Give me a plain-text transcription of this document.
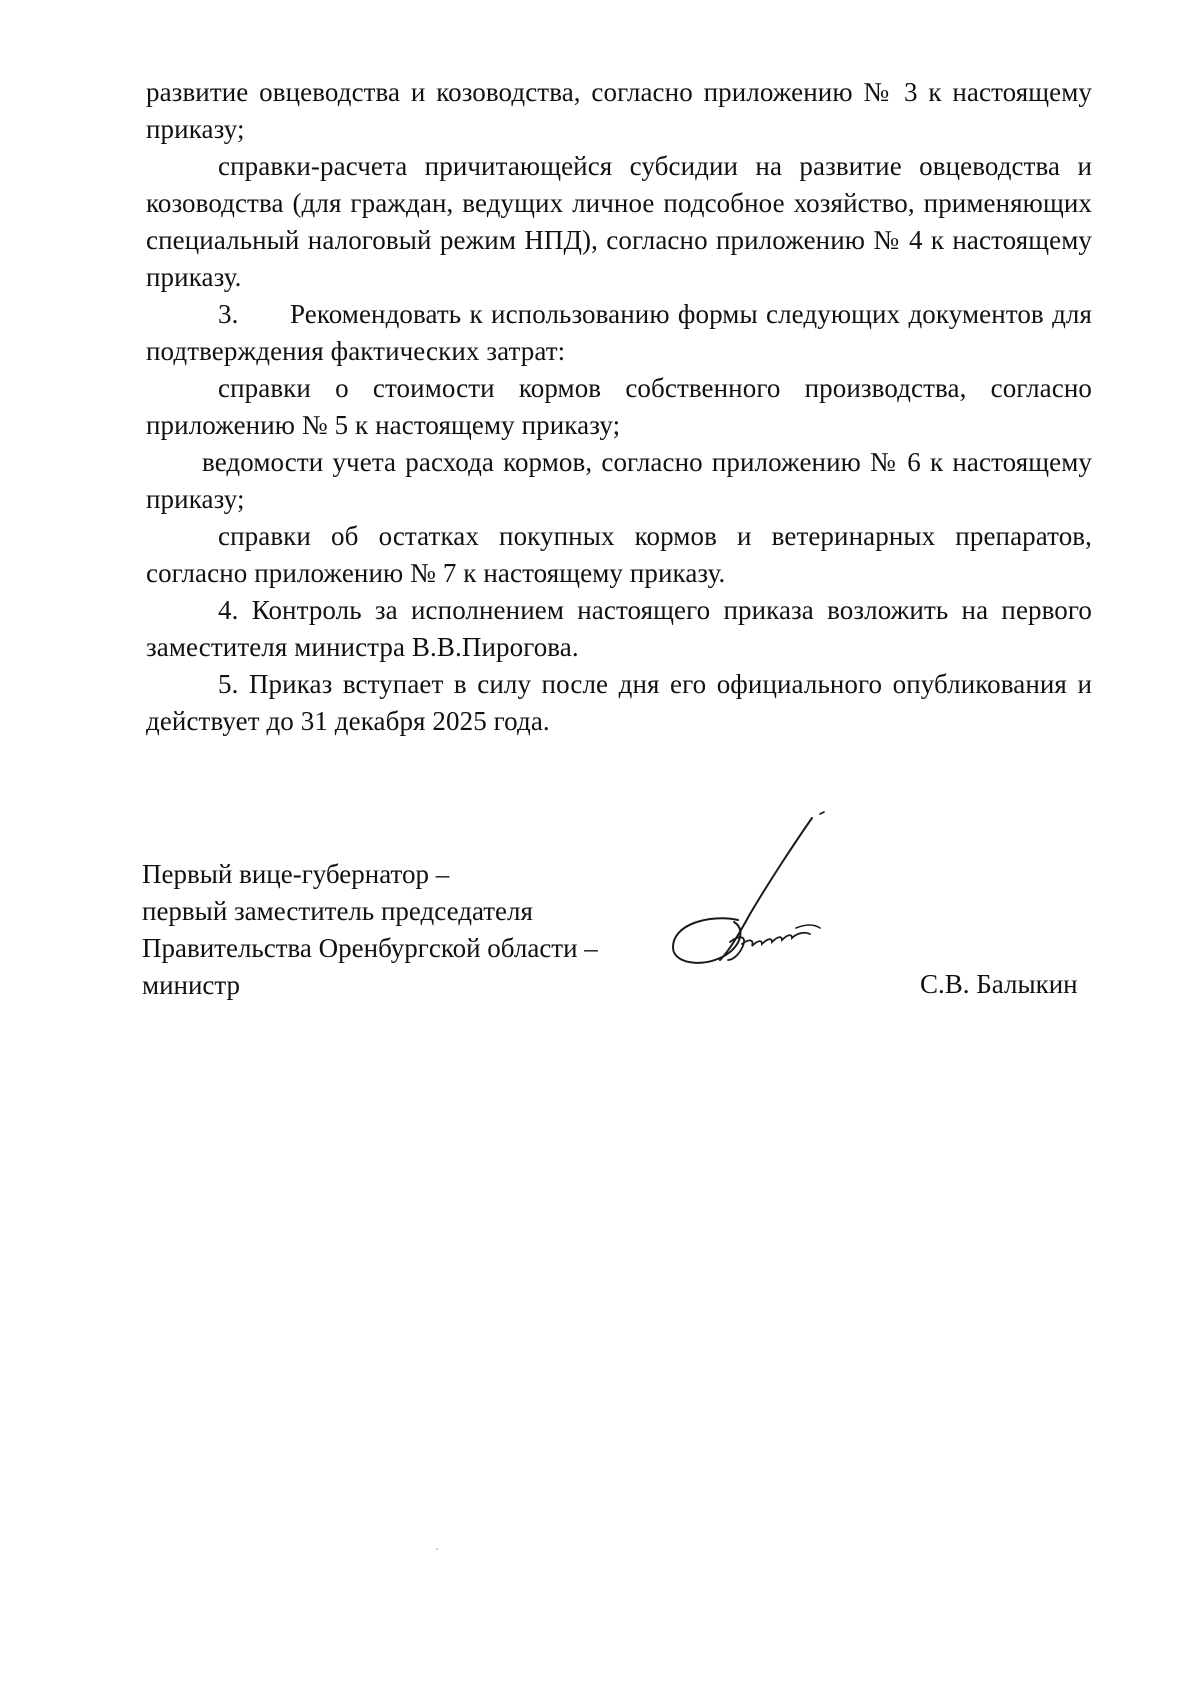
развитие овцеводства и козоводства, согласно приложению № 3 к настоящему приказу;

справки-расчета причитающейся субсидии на развитие овцеводства и козоводства (для граждан, ведущих личное подсобное хозяйство, применяющих специальный налоговый режим НПД), согласно приложению № 4 к настоящему приказу.

3. Рекомендовать к использованию формы следующих документов для подтверждения фактических затрат:

справки о стоимости кормов собственного производства, согласно приложению № 5 к настоящему приказу;

ведомости учета расхода кормов, согласно приложению № 6 к настоящему приказу;

справки об остатках покупных кормов и ветеринарных препаратов, согласно приложению № 7 к настоящему приказу.

4. Контроль за исполнением настоящего приказа возложить на первого заместителя министра В.В.Пирогова.

5. Приказ вступает в силу после дня его официального опубликования и действует до 31 декабря 2025 года.

Первый вице-губернатор –
первый заместитель председателя
Правительства Оренбургской области –
министр	С.В. Балыкин
